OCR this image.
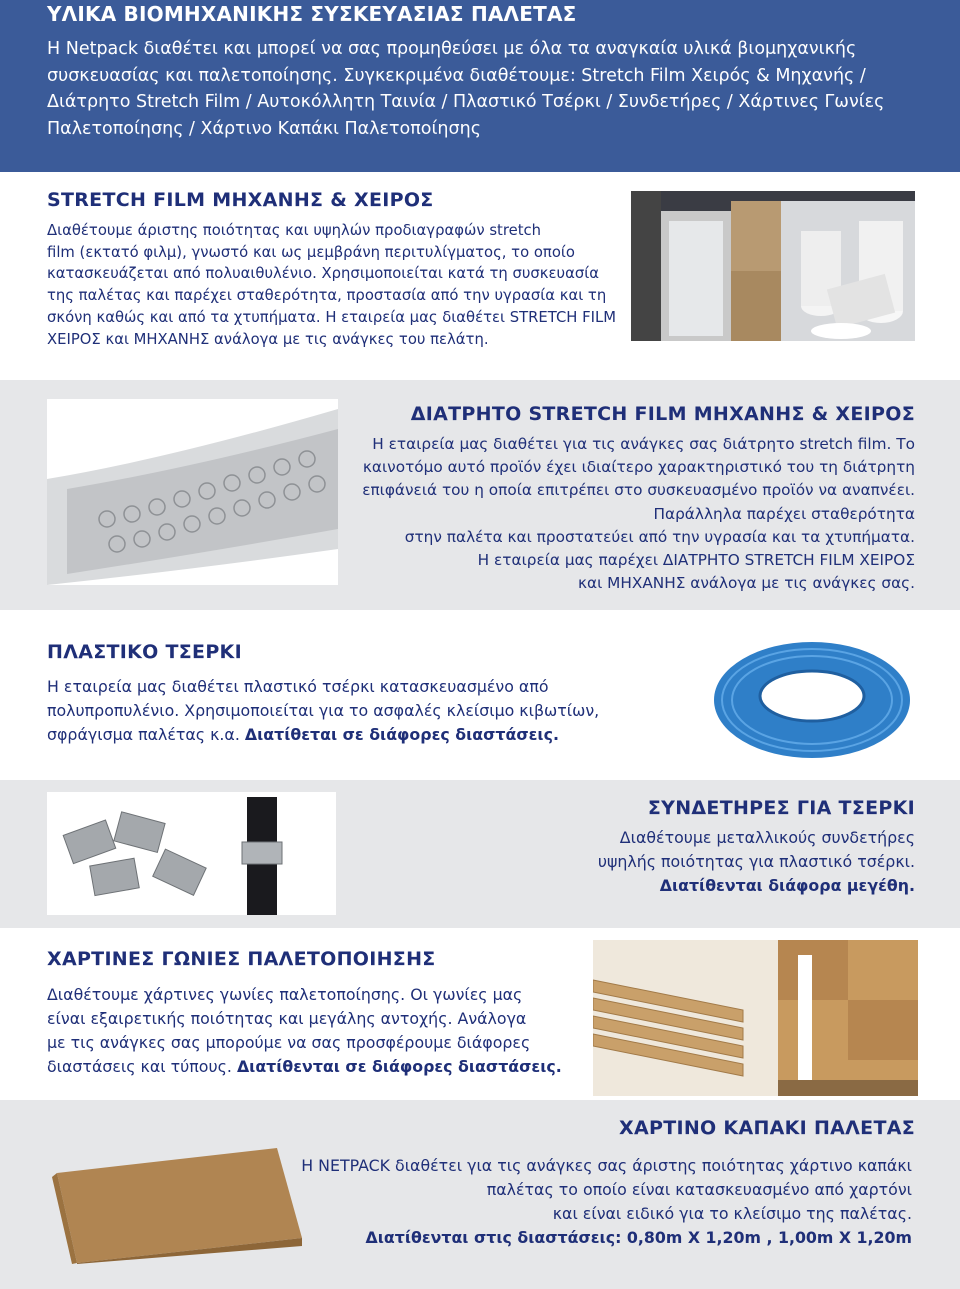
ΥΛΙΚΑ ΒΙΟΜΗΧΑΝΙΚΗΣ ΣΥΣΚΕΥΑΣΙΑΣ ΠΑΛΕΤΑΣ

Η Netpack διαθέτει και μπορεί να σας προμηθεύσει με όλα τα αναγκαία υλικά βιομηχανικής συσκευασίας και παλετοποίησης. Συγκεκριμένα διαθέτουμε: Stretch Film Χειρός & Μηχανής / Διάτρητο Stretch Film / Αυτοκόλλητη Ταινία / Πλαστικό Τσέρκι / Συνδετήρες / Χάρτινες Γωνίες Παλετοποίησης / Χάρτινο Καπάκι Παλετοποίησης

STRETCH FILM ΜΗΧΑΝΗΣ & ΧΕΙΡΟΣ
Διαθέτουμε άριστης ποιότητας και υψηλών προδιαγραφών stretch
film (εκτατό φιλμ), γνωστό και ως μεμβράνη περιτυλίγματος, το οποίο
κατασκευάζεται από πολυαιθυλένιο. Χρησιμοποιείται κατά τη συσκευασία
της παλέτας και παρέχει σταθερότητα, προστασία από την υγρασία και τη
σκόνη καθώς και από τα χτυπήματα. Η εταιρεία μας διαθέτει STRETCH FILM
ΧΕΙΡΟΣ και ΜΗΧΑΝΗΣ ανάλογα με τις ανάγκες του πελάτη.
ΔΙΑΤΡΗΤΟ STRETCH FILM ΜΗΧΑΝΗΣ & ΧΕΙΡΟΣ
Η εταιρεία μας διαθέτει για τις ανάγκες σας διάτρητο stretch film. Το
καινοτόμο αυτό προϊόν έχει ιδιαίτερο χαρακτηριστικό του τη διάτρητη
επιφάνειά του η οποία επιτρέπει στο συσκευασμένο προϊόν να αναπνέει.
Παράλληλα παρέχει σταθερότητα
στην παλέτα και προστατεύει από την υγρασία και τα χτυπήματα.
Η εταιρεία μας παρέχει ΔΙΑΤΡΗΤΟ STRETCH FILM ΧΕΙΡΟΣ
και ΜΗΧΑΝΗΣ ανάλογα με τις ανάγκες σας.
ΠΛΑΣΤΙΚΟ ΤΣΕΡΚΙ
Η εταιρεία μας διαθέτει πλαστικό τσέρκι κατασκευασμένο από
πολυπροπυλένιο. Χρησιμοποιείται για το ασφαλές κλείσιμο κιβωτίων,
σφράγισμα παλέτας κ.α. Διατίθεται σε διάφορες διαστάσεις.
ΣΥΝΔΕΤΗΡΕΣ ΓΙΑ ΤΣΕΡΚΙ
Διαθέτουμε μεταλλικούς συνδετήρες
υψηλής ποιότητας για πλαστικό τσέρκι.
Διατίθενται διάφορα μεγέθη.
ΧΑΡΤΙΝΕΣ ΓΩΝΙΕΣ ΠΑΛΕΤΟΠΟΙΗΣΗΣ
Διαθέτουμε χάρτινες γωνίες παλετοποίησης. Οι γωνίες μας
είναι εξαιρετικής ποιότητας και μεγάλης αντοχής. Ανάλογα
με τις ανάγκες σας μπορούμε να σας προσφέρουμε διάφορες
διαστάσεις και τύπους. Διατίθενται σε διάφορες διαστάσεις.
ΧΑΡΤΙΝΟ ΚΑΠΑΚΙ ΠΑΛΕΤΑΣ
Η NETPACK διαθέτει για τις ανάγκες σας άριστης ποιότητας χάρτινο καπάκι
παλέτας το οποίο είναι κατασκευασμένο από χαρτόνι
και είναι ειδικό για το κλείσιμο της παλέτας.
Διατίθενται στις διαστάσεις: 0,80m X 1,20m , 1,00m X 1,20m
